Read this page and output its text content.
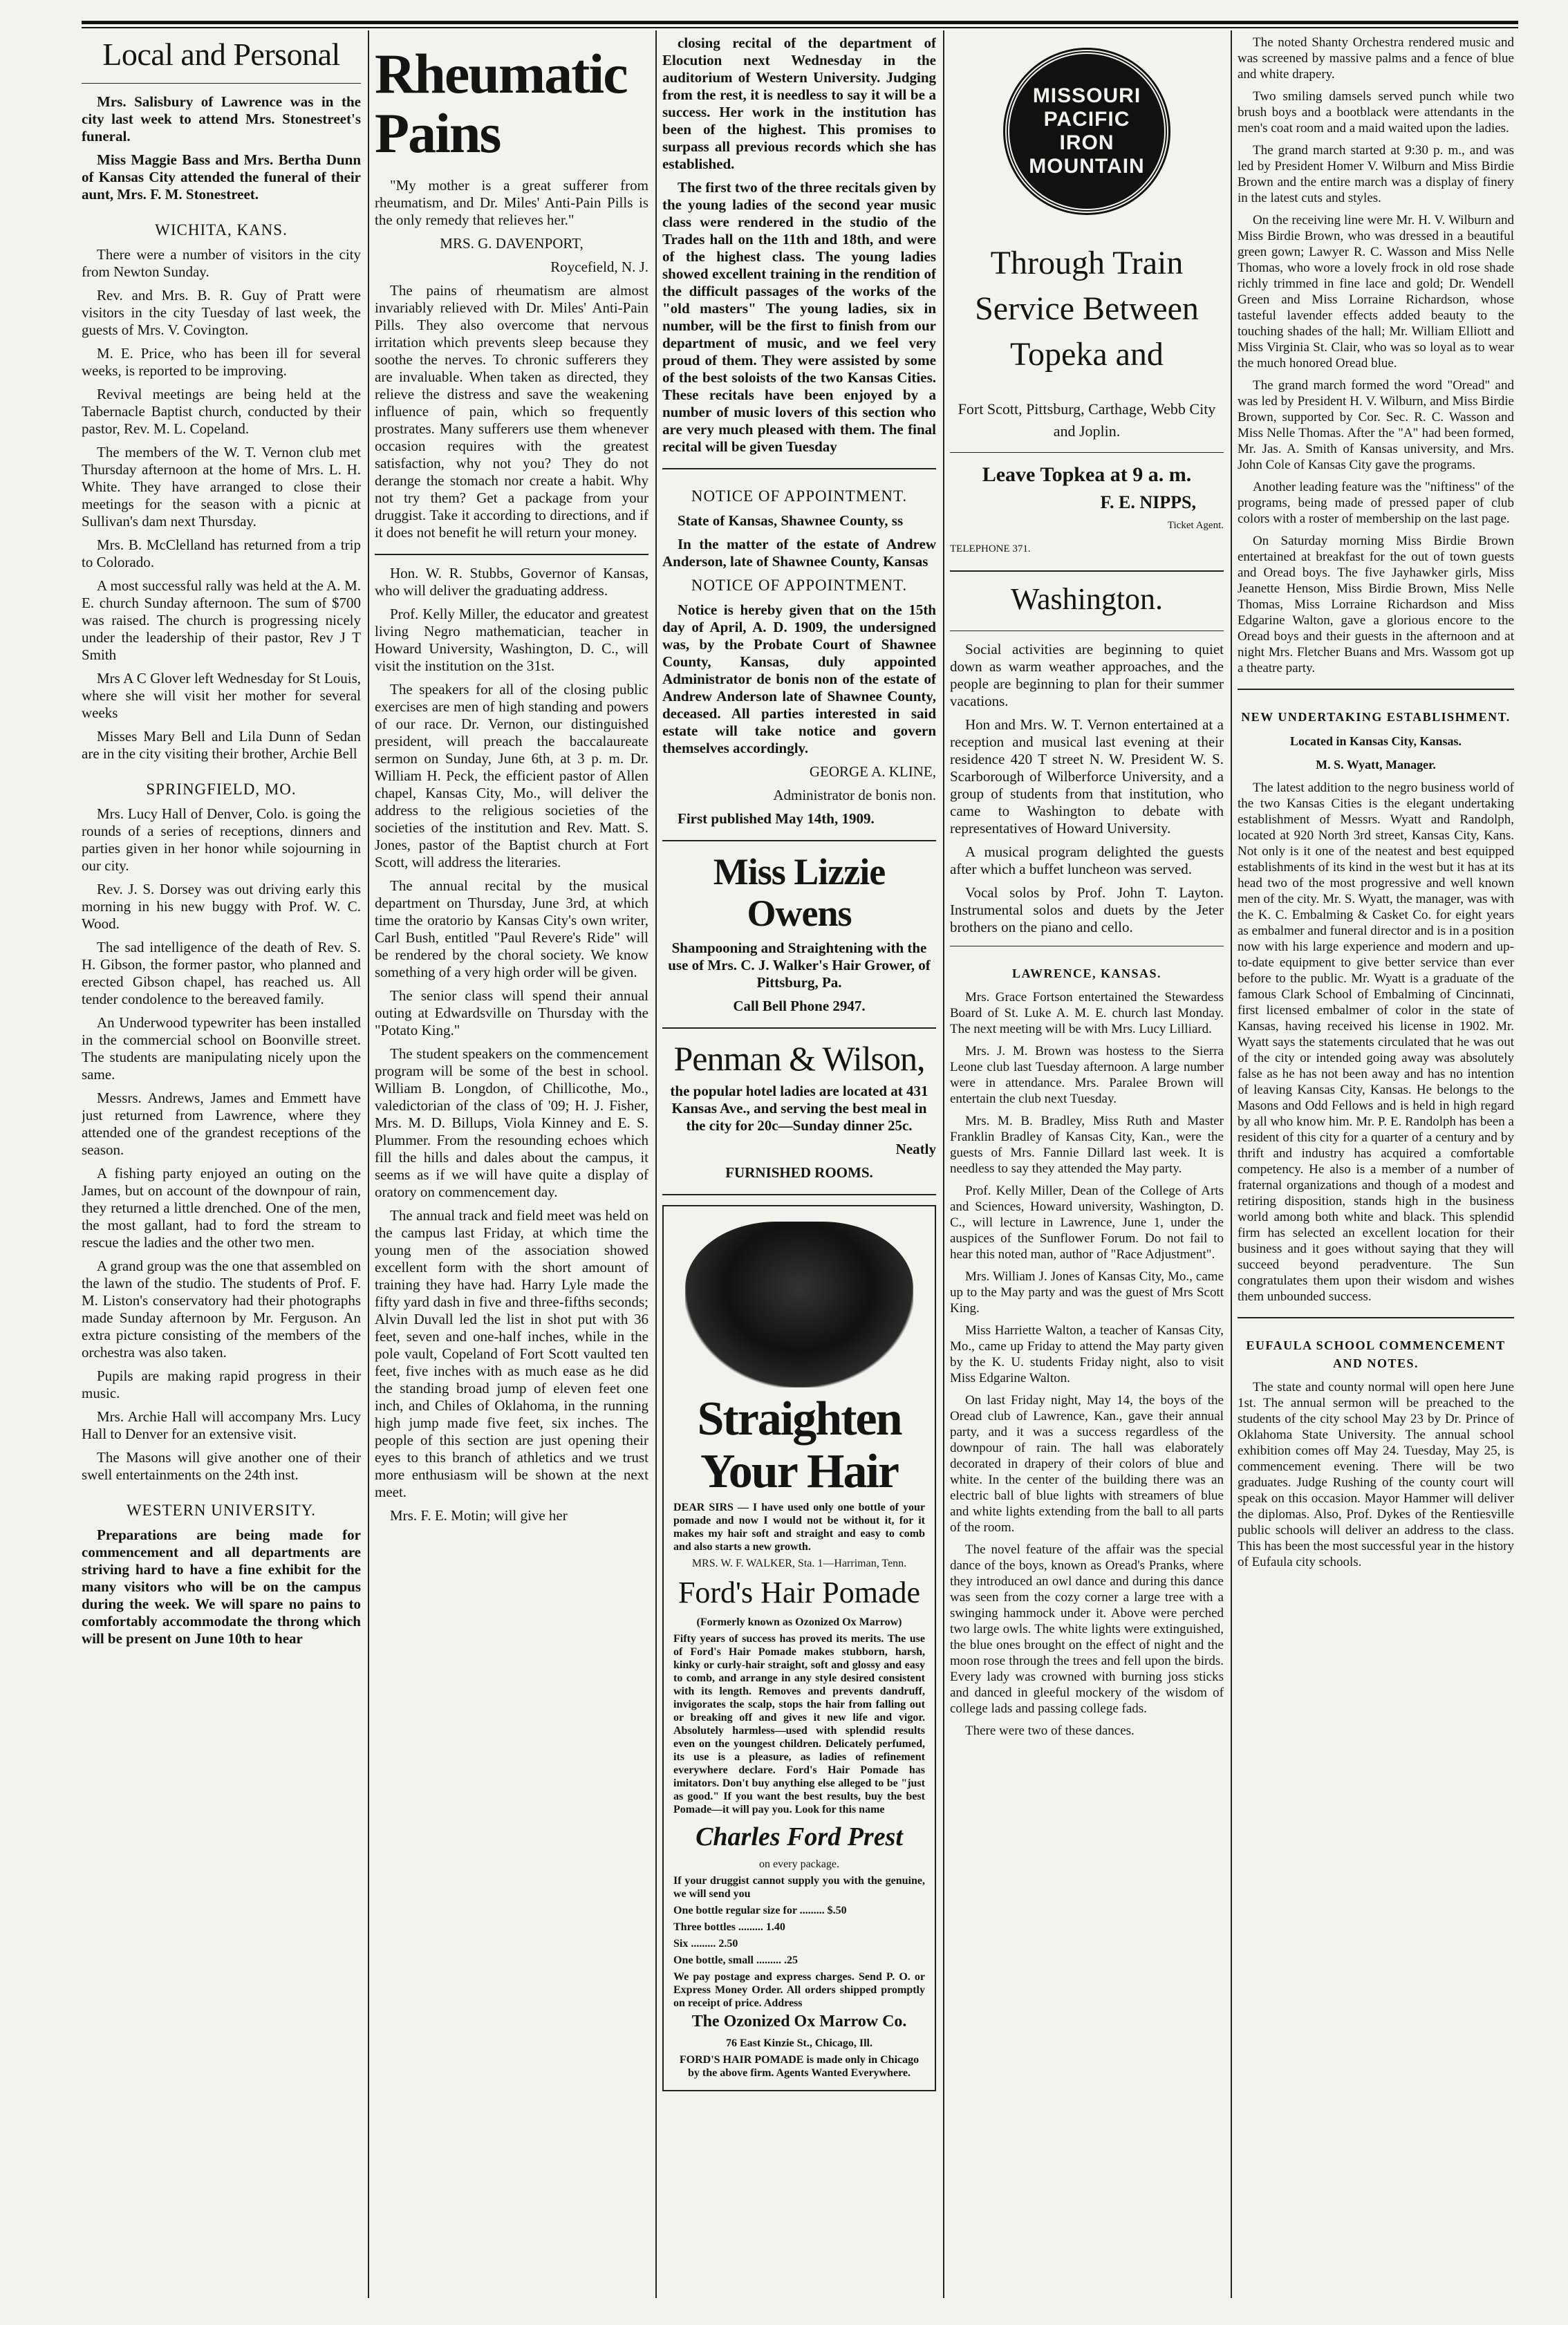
Local and Personal

Mrs. Salisbury of Lawrence was in the city last week to attend Mrs. Stonestreet's funeral.

Miss Maggie Bass and Mrs. Bertha Dunn of Kansas City attended the funeral of their aunt, Mrs. F. M. Stonestreet.

WICHITA, KANS.

There were a number of visitors in the city from Newton Sunday.

Rev. and Mrs. B. R. Guy of Pratt were visitors in the city Tuesday of last week, the guests of Mrs. V. Covington.

M. E. Price, who has been ill for several weeks, is reported to be improving.

Revival meetings are being held at the Tabernacle Baptist church, conducted by their pastor, Rev. M. L. Copeland.

The members of the W. T. Vernon club met Thursday afternoon at the home of Mrs. L. H. White. They have arranged to close their meetings for the season with a picnic at Sullivan's dam next Thursday.

Mrs. B. McClelland has returned from a trip to Colorado.

A most successful rally was held at the A. M. E. church Sunday afternoon. The sum of $700 was raised. The church is progressing nicely under the leadership of their pastor, Rev J T Smith

Mrs A C Glover left Wednesday for St Louis, where she will visit her mother for several weeks

Misses Mary Bell and Lila Dunn of Sedan are in the city visiting their brother, Archie Bell

SPRINGFIELD, MO.

Mrs. Lucy Hall of Denver, Colo. is going the rounds of a series of receptions, dinners and parties given in her honor while sojourning in our city.

Rev. J. S. Dorsey was out driving early this morning in his new buggy with Prof. W. C. Wood.

The sad intelligence of the death of Rev. S. H. Gibson, the former pastor, who planned and erected Gibson chapel, has reached us. All tender condolence to the bereaved family.

An Underwood typewriter has been installed in the commercial school on Boonville street. The students are manipulating nicely upon the same.

Messrs. Andrews, James and Emmett have just returned from Lawrence, where they attended one of the grandest receptions of the season.

A fishing party enjoyed an outing on the James, but on account of the downpour of rain, they returned a little drenched. One of the men, the most gallant, had to ford the stream to rescue the ladies and the other two men.

A grand group was the one that assembled on the lawn of the studio. The students of Prof. F. M. Liston's conservatory had their photographs made Sunday afternoon by Mr. Ferguson. An extra picture consisting of the members of the orchestra was also taken.

Pupils are making rapid progress in their music.

Mrs. Archie Hall will accompany Mrs. Lucy Hall to Denver for an extensive visit.

The Masons will give another one of their swell entertainments on the 24th inst.

WESTERN UNIVERSITY.

Preparations are being made for commencement and all departments are striving hard to have a fine exhibit for the many visitors who will be on the campus during the week. We will spare no pains to comfortably accommodate the throng which will be present on June 10th to hear

Rheumatic Pains

"My mother is a great sufferer from rheumatism, and Dr. Miles' Anti-Pain Pills is the only remedy that relieves her."

MRS. G. DAVENPORT,

Roycefield, N. J.

The pains of rheumatism are almost invariably relieved with Dr. Miles' Anti-Pain Pills. They also overcome that nervous irritation which prevents sleep because they soothe the nerves. To chronic sufferers they are invaluable. When taken as directed, they relieve the distress and save the weakening influence of pain, which so frequently prostrates. Many sufferers use them whenever occasion requires with the greatest satisfaction, why not you? They do not derange the stomach nor create a habit. Why not try them? Get a package from your druggist. Take it according to directions, and if it does not benefit he will return your money.

Hon. W. R. Stubbs, Governor of Kansas, who will deliver the graduating address.

Prof. Kelly Miller, the educator and greatest living Negro mathematician, teacher in Howard University, Washington, D. C., will visit the institution on the 31st.

The speakers for all of the closing public exercises are men of high standing and powers of our race. Dr. Vernon, our distinguished president, will preach the baccalaureate sermon on Sunday, June 6th, at 3 p. m. Dr. William H. Peck, the efficient pastor of Allen chapel, Kansas City, Mo., will deliver the address to the religious societies of the societies of the institution and Rev. Matt. S. Jones, pastor of the Baptist church at Fort Scott, will address the literaries.

The annual recital by the musical department on Thursday, June 3rd, at which time the oratorio by Kansas City's own writer, Carl Bush, entitled "Paul Revere's Ride" will be rendered by the choral society. We know something of a very high order will be given.

The senior class will spend their annual outing at Edwardsville on Thursday with the "Potato King."

The student speakers on the commencement program will be some of the best in school. William B. Longdon, of Chillicothe, Mo., valedictorian of the class of '09; H. J. Fisher, Mrs. M. D. Billups, Viola Kinney and E. S. Plummer. From the resounding echoes which fill the hills and dales about the campus, it seems as if we will have quite a display of oratory on commencement day.

The annual track and field meet was held on the campus last Friday, at which time the young men of the association showed excellent form with the short amount of training they have had. Harry Lyle made the fifty yard dash in five and three-fifths seconds; Alvin Duvall led the list in shot put with 36 feet, seven and one-half inches, while in the pole vault, Copeland of Fort Scott vaulted ten feet, five inches with as much ease as he did the standing broad jump of eleven feet one inch, and Chiles of Oklahoma, in the running high jump made five feet, six inches. The people of this section are just opening their eyes to this branch of athletics and we trust more enthusiasm will be shown at the next meet.

Mrs. F. E. Motin; will give her

closing recital of the department of Elocution next Wednesday in the auditorium of Western University. Judging from the rest, it is needless to say it will be a success. Her work in the institution has been of the highest. This promises to surpass all previous records which she has established.

The first two of the three recitals given by the young ladies of the second year music class were rendered in the studio of the Trades hall on the 11th and 18th, and were of the highest class. The young ladies showed excellent training in the rendition of the difficult passages of the works of the "old masters" The young ladies, six in number, will be the first to finish from our department of music, and we feel very proud of them. They were assisted by some of the best soloists of the two Kansas Cities. These recitals have been enjoyed by a number of music lovers of this section who are very much pleased with them. The final recital will be given Tuesday

NOTICE OF APPOINTMENT.

State of Kansas, Shawnee County, ss

In the matter of the estate of Andrew Anderson, late of Shawnee County, Kansas

NOTICE OF APPOINTMENT.

Notice is hereby given that on the 15th day of April, A. D. 1909, the undersigned was, by the Probate Court of Shawnee County, Kansas, duly appointed Administrator de bonis non of the estate of Andrew Anderson late of Shawnee County, deceased. All parties interested in said estate will take notice and govern themselves accordingly.

GEORGE A. KLINE,

Administrator de bonis non.

First published May 14th, 1909.

Miss Lizzie Owens

Shampooning and Straightening with the use of Mrs. C. J. Walker's Hair Grower, of Pittsburg, Pa.

Call Bell Phone 2947.

Penman & Wilson,

the popular hotel ladies are located at 431 Kansas Ave., and serving the best meal in the city for 20c—Sunday dinner 25c.

Neatly

FURNISHED ROOMS.

Straighten Your Hair

DEAR SIRS — I have used only one bottle of your pomade and now I would not be without it, for it makes my hair soft and straight and easy to comb and also starts a new growth.

MRS. W. F. WALKER, Sta. 1—Harriman, Tenn.

Ford's Hair Pomade

(Formerly known as Ozonized Ox Marrow)

Fifty years of success has proved its merits. The use of Ford's Hair Pomade makes stubborn, harsh, kinky or curly-hair straight, soft and glossy and easy to comb, and arrange in any style desired consistent with its length. Removes and prevents dandruff, invigorates the scalp, stops the hair from falling out or breaking off and gives it new life and vigor. Absolutely harmless—used with splendid results even on the youngest children. Delicately perfumed, its use is a pleasure, as ladies of refinement everywhere declare. Ford's Hair Pomade has imitators. Don't buy anything else alleged to be "just as good." If you want the best results, buy the best Pomade—it will pay you. Look for this name

Charles Ford Prest

on every package.

If your druggist cannot supply you with the genuine, we will send you

One bottle regular size for ......... $.50

Three bottles ......... 1.40

Six ......... 2.50

One bottle, small ......... .25

We pay postage and express charges. Send P. O. or Express Money Order. All orders shipped promptly on receipt of price. Address

The Ozonized Ox Marrow Co.

76 East Kinzie St., Chicago, Ill.

FORD'S HAIR POMADE is made only in Chicago by the above firm. Agents Wanted Everywhere.

MISSOURI
PACIFIC
IRON
MOUNTAIN
Through Train Service Between Topeka and

Fort Scott, Pittsburg, Carthage, Webb City and Joplin.

Leave Topkea at 9 a. m.

F. E. NIPPS,

Ticket Agent.

TELEPHONE 371.

Washington.

Social activities are beginning to quiet down as warm weather approaches, and the people are beginning to plan for their summer vacations.

Hon and Mrs. W. T. Vernon entertained at a reception and musical last evening at their residence 420 T street N. W. President W. S. Scarborough of Wilberforce University, and a group of students from that institution, who came to Washington to debate with representatives of Howard University.

A musical program delighted the guests after which a buffet luncheon was served.

Vocal solos by Prof. John T. Layton. Instrumental solos and duets by the Jeter brothers on the piano and cello.

LAWRENCE, KANSAS.

Mrs. Grace Fortson entertained the Stewardess Board of St. Luke A. M. E. church last Monday. The next meeting will be with Mrs. Lucy Lilliard.

Mrs. J. M. Brown was hostess to the Sierra Leone club last Tuesday afternoon. A large number were in attendance. Mrs. Paralee Brown will entertain the club next Tuesday.

Mrs. M. B. Bradley, Miss Ruth and Master Franklin Bradley of Kansas City, Kan., were the guests of Mrs. Fannie Dillard last week. It is needless to say they attended the May party.

Prof. Kelly Miller, Dean of the College of Arts and Sciences, Howard university, Washington, D. C., will lecture in Lawrence, June 1, under the auspices of the Sunflower Forum. Do not fail to hear this noted man, author of "Race Adjustment".

Mrs. William J. Jones of Kansas City, Mo., came up to the May party and was the guest of Mrs Scott King.

Miss Harriette Walton, a teacher of Kansas City, Mo., came up Friday to attend the May party given by the K. U. students Friday night, also to visit Miss Edgarine Walton.

On last Friday night, May 14, the boys of the Oread club of Lawrence, Kan., gave their annual party, and it was a success regardless of the downpour of rain. The hall was elaborately decorated in drapery of their colors of blue and white. In the center of the building there was an electric ball of blue lights with streamers of blue and white lights extending from the ball to all parts of the room.

The novel feature of the affair was the special dance of the boys, known as Oread's Pranks, where they introduced an owl dance and during this dance was seen from the cozy corner a large tree with a swinging hammock under it. Above were perched two large owls. The white lights were extinguished, the blue ones brought on the effect of night and the moon rose through the trees and fell upon the birds. Every lady was crowned with burning joss sticks and danced in gleeful mockery of the wisdom of college lads and passing college fads.

There were two of these dances.

The noted Shanty Orchestra rendered music and was screened by massive palms and a fence of blue and white drapery.

Two smiling damsels served punch while two brush boys and a bootblack were attendants in the men's coat room and a maid waited upon the ladies.

The grand march started at 9:30 p. m., and was led by President Homer V. Wilburn and Miss Birdie Brown and the entire march was a display of finery in the latest cuts and styles.

On the receiving line were Mr. H. V. Wilburn and Miss Birdie Brown, who was dressed in a beautiful green gown; Lawyer R. C. Wasson and Miss Nelle Thomas, who wore a lovely frock in old rose shade richly trimmed in fine lace and gold; Dr. Wendell Green and Miss Lorraine Richardson, whose tasteful lavender effects added beauty to the touching shades of the hall; Mr. William Elliott and Miss Virginia St. Clair, who was so loyal as to wear the much honored Oread blue.

The grand march formed the word "Oread" and was led by President H. V. Wilburn, and Miss Birdie Brown, supported by Cor. Sec. R. C. Wasson and Miss Nelle Thomas. After the "A" had been formed, Mr. Jas. A. Smith of Kansas university, and Mrs. John Cole of Kansas City gave the programs.

Another leading feature was the "niftiness" of the programs, being made of pressed paper of club colors with a roster of membership on the last page.

On Saturday morning Miss Birdie Brown entertained at breakfast for the out of town guests and Oread boys. The five Jayhawker girls, Miss Jeanette Henson, Miss Birdie Brown, Miss Nelle Thomas, Miss Lorraine Richardson and Miss Edgarine Walton, gave a glorious encore to the Oread boys and their guests in the afternoon and at night Mrs. Fletcher Buans and Mrs. Wassom got up a theatre party.

NEW UNDERTAKING ESTABLISHMENT.

Located in Kansas City, Kansas.

M. S. Wyatt, Manager.

The latest addition to the negro business world of the two Kansas Cities is the elegant undertaking establishment of Messrs. Wyatt and Randolph, located at 920 North 3rd street, Kansas City, Kans. Not only is it one of the neatest and best equipped establishments of its kind in the west but it has at its head two of the most progressive and well known men of the city. Mr. S. Wyatt, the manager, was with the K. C. Embalming & Casket Co. for eight years as embalmer and funeral director and is in a position now with his large experience and modern and up-to-date equipment to give better service than ever before to the public. Mr. Wyatt is a graduate of the famous Clark School of Embalming of Cincinnati, first licensed embalmer of color in the state of Kansas, having received his license in 1902. Mr. Wyatt says the statements circulated that he was out of the city or intended going away was absolutely false as he has not been away and has no intention of leaving Kansas City, Kansas. He belongs to the Masons and Odd Fellows and is held in high regard by all who know him. Mr. P. E. Randolph has been a resident of this city for a quarter of a century and by thrift and industry has acquired a comfortable competency. He also is a member of a number of fraternal organizations and though of a modest and retiring disposition, stands high in the business world among both white and black. This splendid firm has selected an excellent location for their business and it goes without saying that they will succeed beyond peradventure. The Sun congratulates them upon their wisdom and wishes them unbounded success.

EUFAULA SCHOOL COMMENCEMENT AND NOTES.

The state and county normal will open here June 1st. The annual sermon will be preached to the students of the city school May 23 by Dr. Prince of Oklahoma State University. The annual school exhibition comes off May 24. Tuesday, May 25, is commencement evening. There will be two graduates. Judge Rushing of the county court will speak on this occasion. Mayor Hammer will deliver the diplomas. Also, Prof. Dykes of the Rentiesville public schools will deliver an address to the class. This has been the most successful year in the history of Eufaula city schools.
